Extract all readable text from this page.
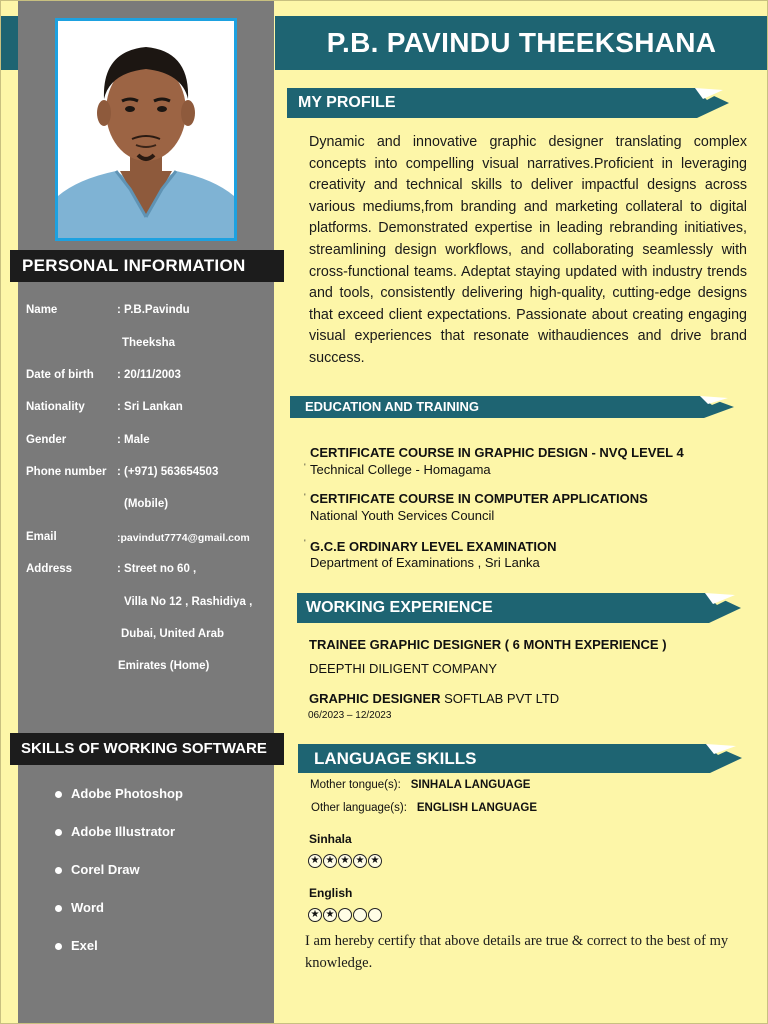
PERSONAL INFORMATION
Name	: P.B.Pavindu
Theeksha
Date of birth : 20/11/2003
Nationality	: Sri Lankan
Gender	: Male
Phone number : (+971) 563654503
(Mobile)
Email	:pavindut7774@gmail.com
Address	: Street no 60 ,
Villa No 12 , Rashidiya ,
Dubai, United Arab
Emirates (Home)
SKILLS OF WORKING SOFTWARE
Adobe Photoshop
Adobe Illustrator
Corel Draw
Word
Exel
P.B. PAVINDU THEEKSHANA
MY PROFILE
Dynamic and innovative graphic designer translating complex concepts into compelling visual narratives.Proficient in leveraging creativity and technical skills to deliver impactful designs across various mediums,from branding and marketing collateral to digital platforms. Demonstrated expertise in leading rebranding initiatives, streamlining design workflows, and collaborating seamlessly with cross-functional teams. Adeptat staying updated with industry trends and tools, consistently delivering high-quality, cutting-edge designs that exceed client expectations. Passionate about creating engaging visual experiences that resonate withaudiences and drive brand success.
EDUCATION AND TRAINING
'
CERTIFICATE COURSE IN GRAPHIC DESIGN - NVQ LEVEL 4
Technical College - Homagama
' CERTIFICATE COURSE IN COMPUTER APPLICATIONS
National Youth Services Council
' G.C.E ORDINARY LEVEL EXAMINATION
Department of Examinations , Sri Lanka
WORKING EXPERIENCE
TRAINEE GRAPHIC DESIGNER ( 6 MONTH EXPERIENCE )
DEEPTHI DILIGENT COMPANY
GRAPHIC DESIGNER SOFTLAB PVT LTD
06/2023 – 12/2023
LANGUAGE SKILLS
Mother tongue(s): SINHALA LANGUAGE
Other language(s): ENGLISH LANGUAGE
Sinhala
★ ★ ★ ★ ★
English
★ ★
I am hereby certify that above details are true & correct to the best of my knowledge.
